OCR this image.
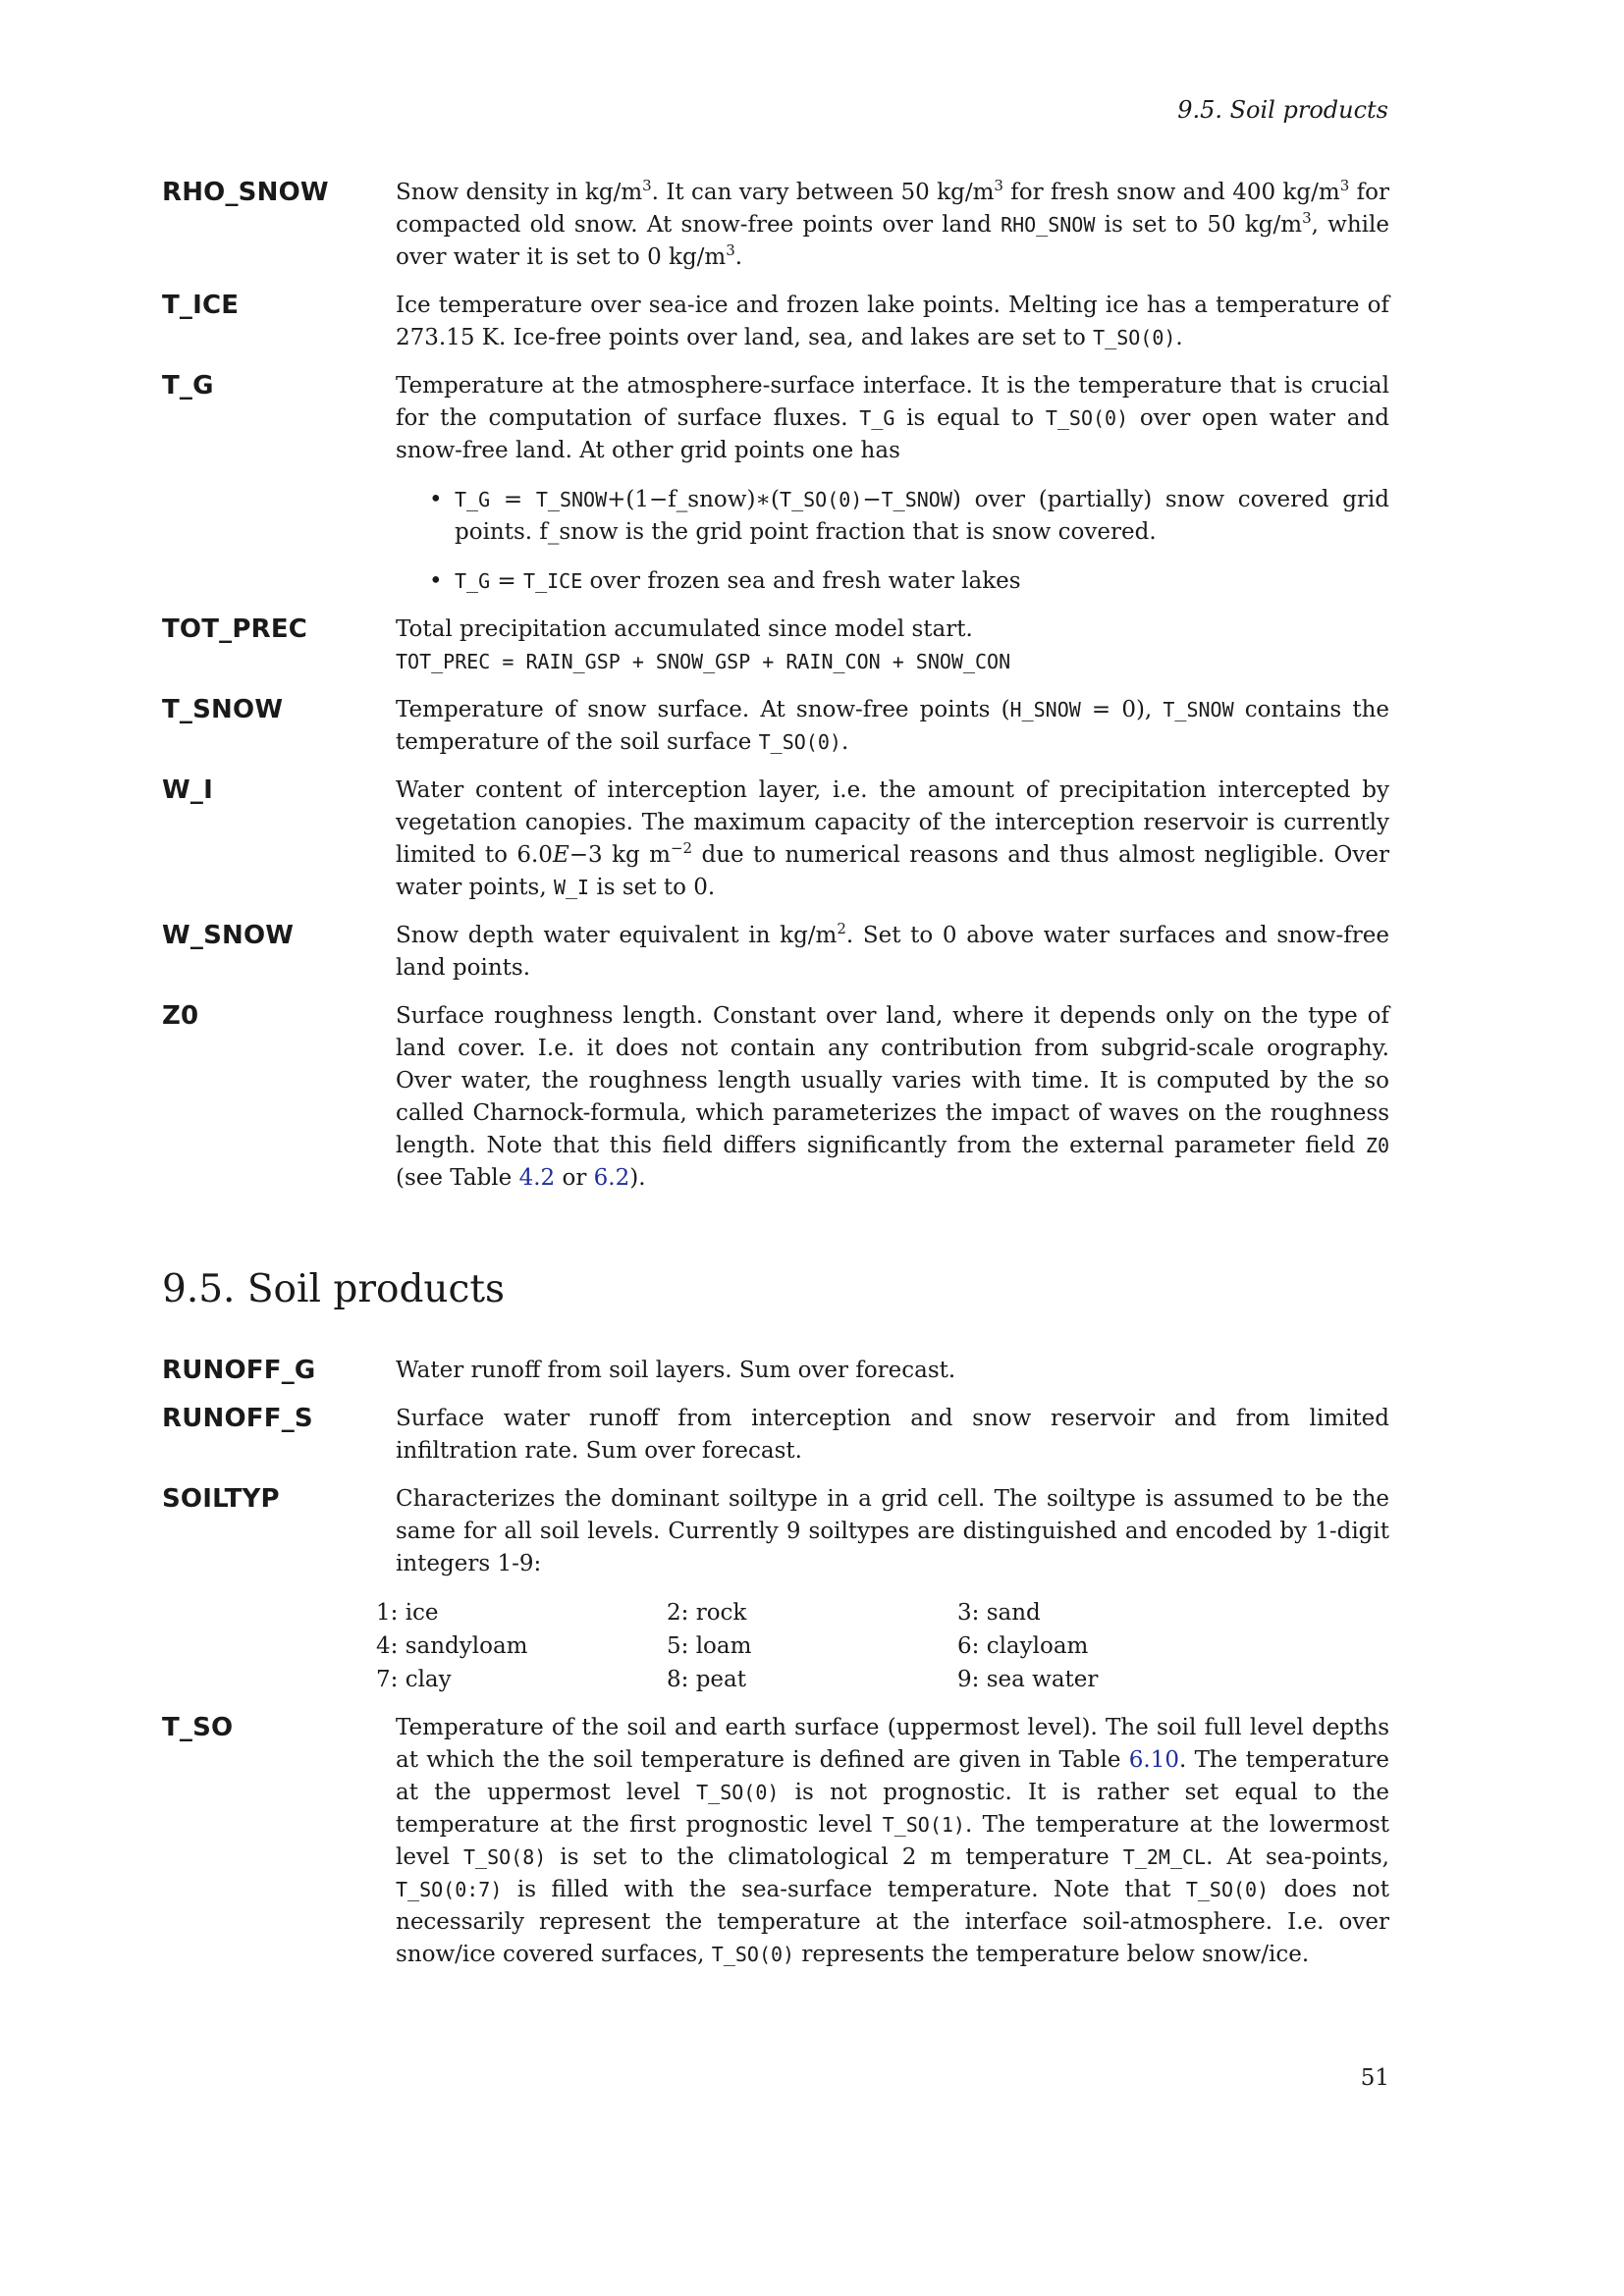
9.5. Soil products
RHO_SNOW	Snow density in $kg/m^3$. It can vary between 50 $kg/m^3$ for fresh snow and 400 $kg/m^3$ for compacted old snow. At snow-free points over land RHO_SNOW is set to 50 $kg/m^3$, while over water it is set to 0 $kg/m^3$.
T_ICE	Ice temperature over sea-ice and frozen lake points. Melting ice has a temperature of 273.15 K. Ice-free points over land, sea, and lakes are set to T_SO(0).
T_G	Temperature at the atmosphere-surface interface. It is the temperature that is crucial for the computation of surface fluxes. T_G is equal to T_SO(0) over open water and snow-free land. At other grid points one has
• T_G = T_SNOW+(1−f_snow)∗(T_SO(0)−T_SNOW) over (partially) snow covered grid points. f_snow is the grid point fraction that is snow covered.
• T_G = T_ICE over frozen sea and fresh water lakes
TOT_PREC	Total precipitation accumulated since model start.
TOT_PREC = RAIN_GSP + SNOW_GSP + RAIN_CON + SNOW_CON
T_SNOW	Temperature of snow surface. At snow-free points (H_SNOW = 0), T_SNOW contains the temperature of the soil surface T_SO(0).
W_I	Water content of interception layer, i.e. the amount of precipitation intercepted by vegetation canopies. The maximum capacity of the interception reservoir is currently limited to 6.0E−3 kg $m^{-2}$ due to numerical reasons and thus almost negligible. Over water points, W_I is set to 0.
W_SNOW	Snow depth water equivalent in $kg/m^2$. Set to 0 above water surfaces and snow-free land points.
Z0	Surface roughness length. Constant over land, where it depends only on the type of land cover. I.e. it does not contain any contribution from subgrid-scale orography. Over water, the roughness length usually varies with time. It is computed by the so called Charnock-formula, which parameterizes the impact of waves on the roughness length. Note that this field differs significantly from the external parameter field Z0 (see Table 4.2 or 6.2).
9.5. Soil products
RUNOFF_G	Water runoff from soil layers. Sum over forecast.
RUNOFF_S	Surface water runoff from interception and snow reservoir and from limited infiltration rate. Sum over forecast.
SOILTYP	Characterizes the dominant soiltype in a grid cell. The soiltype is assumed to be the same for all soil levels. Currently 9 soiltypes are distinguished and encoded by 1-digit integers 1-9:
1: ice	2: rock	3: sand
4: sandyloam	5: loam	6: clayloam
7: clay	8: peat	9: sea water
T_SO	Temperature of the soil and earth surface (uppermost level). The soil full level depths at which the the soil temperature is defined are given in Table 6.10. The temperature at the uppermost level T_SO(0) is not prognostic. It is rather set equal to the temperature at the first prognostic level T_SO(1). The temperature at the lowermost level T_SO(8) is set to the climatological 2 m temperature T_2M_CL. At sea-points, T_SO(0:7) is filled with the sea-surface temperature. Note that T_SO(0) does not necessarily represent the temperature at the interface soil-atmosphere. I.e. over snow/ice covered surfaces, T_SO(0) represents the temperature below snow/ice.
51
